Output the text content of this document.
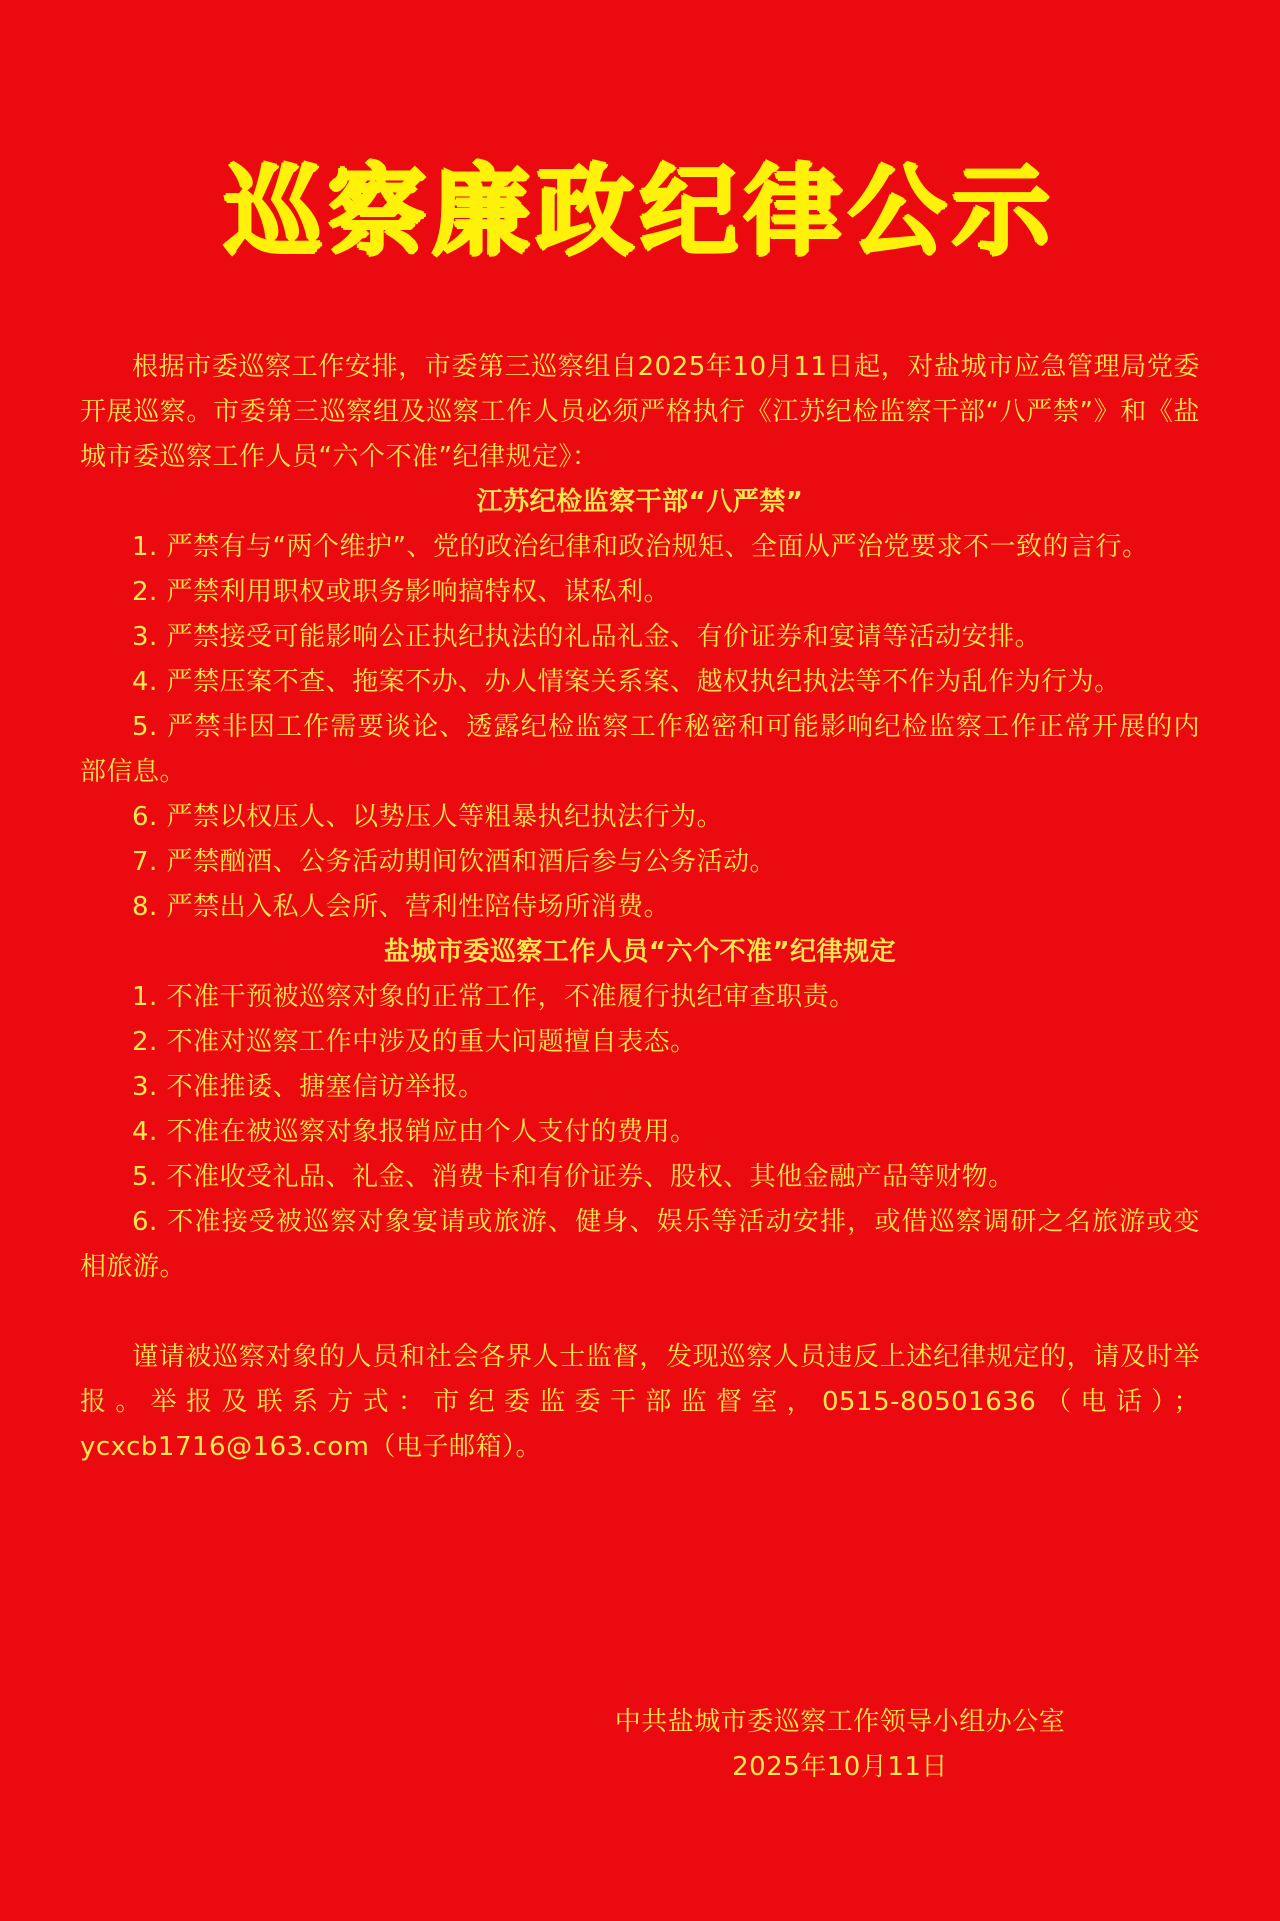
巡察廉政纪律公示

根据市委巡察工作安排，市委第三巡察组自2025年10月11日起，对盐城市应急管理局党委开展巡察。市委第三巡察组及巡察工作人员必须严格执行《江苏纪检监察干部“八严禁”》和《盐城市委巡察工作人员“六个不准”纪律规定》：

江苏纪检监察干部“八严禁”

1. 严禁有与“两个维护”、党的政治纪律和政治规矩、全面从严治党要求不一致的言行。

2. 严禁利用职权或职务影响搞特权、谋私利。

3. 严禁接受可能影响公正执纪执法的礼品礼金、有价证券和宴请等活动安排。

4. 严禁压案不查、拖案不办、办人情案关系案、越权执纪执法等不作为乱作为行为。

5. 严禁非因工作需要谈论、透露纪检监察工作秘密和可能影响纪检监察工作正常开展的内部信息。

6. 严禁以权压人、以势压人等粗暴执纪执法行为。

7. 严禁酗酒、公务活动期间饮酒和酒后参与公务活动。

8. 严禁出入私人会所、营利性陪侍场所消费。

盐城市委巡察工作人员“六个不准”纪律规定

1. 不准干预被巡察对象的正常工作，不准履行执纪审查职责。

2. 不准对巡察工作中涉及的重大问题擅自表态。

3. 不准推诿、搪塞信访举报。

4. 不准在被巡察对象报销应由个人支付的费用。

5. 不准收受礼品、礼金、消费卡和有价证券、股权、其他金融产品等财物。

6. 不准接受被巡察对象宴请或旅游、健身、娱乐等活动安排，或借巡察调研之名旅游或变相旅游。

谨请被巡察对象的人员和社会各界人士监督，发现巡察人员违反上述纪律规定的，请及时举报。举报及联系方式：市纪委监委干部监督室，0515-80501636（电话）；ycxcb1716@163.com（电子邮箱）。

中共盐城市委巡察工作领导小组办公室
2025年10月11日
